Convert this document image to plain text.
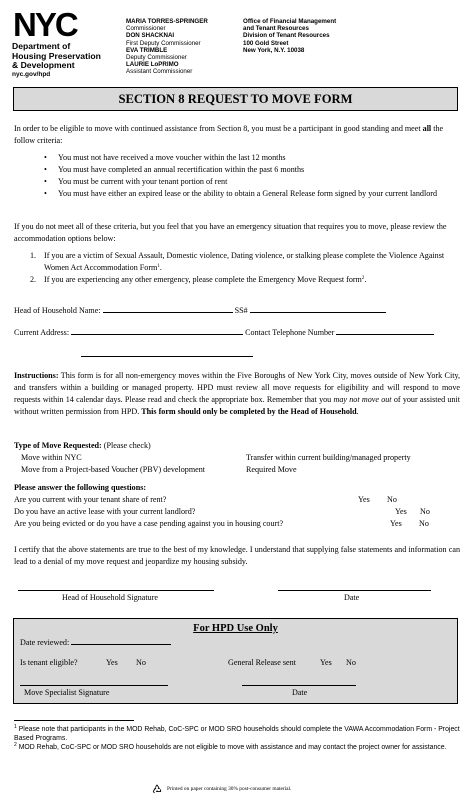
NYC
Department of
Housing Preservation
& Development
nyc.gov/hpd
MARIA TORRES-SPRINGER
Commissioner
DON SHACKNAI
First Deputy Commissioner
EVA TRIMBLE
Deputy Commissioner
LAURIE LoPRIMO
Assistant Commissioner
Office of Financial Management
and Tenant Resources
Division of Tenant Resources
100 Gold Street
New York, N.Y. 10038
SECTION 8 REQUEST TO MOVE FORM
In order to be eligible to move with continued assistance from Section 8, you must be a participant in good standing and meet all the follow criteria:
• You must not have received a move voucher within the last 12 months
• You must have completed an annual recertification within the past 6 months
• You must be current with your tenant portion of rent
• You must have either an expired lease or the ability to obtain a General Release form signed by your current landlord
If you do not meet all of these criteria, but you feel that you have an emergency situation that requires you to move, please review the accommodation options below:
1. If you are a victim of Sexual Assault, Domestic violence, Dating violence, or stalking please complete the Violence Against Women Act Accommodation Form$^1$.
2. If you are experiencing any other emergency, please complete the Emergency Move Request form$^2$.
Head of Household Name:	SS#
Current Address:	Contact Telephone Number
Instructions: This form is for all non-emergency moves within the Five Boroughs of New York City, moves outside of New York City, and transfers within a building or managed property. HPD must review all move requests for eligibility and will respond to move requests within 14 calendar days. Please read and check the appropriate box. Remember that you may not move out of your assisted unit without written permission from HPD. This form should only be completed by the Head of Household.
Type of Move Requested: (Please check)
Move within NYC	Transfer within current building/managed property
Move from a Project-based Voucher (PBV) development	Required Move
Please answer the following questions:
Are you current with your tenant share of rent?	Yes No
Do you have an active lease with your current landlord?	Yes No
Are you being evicted or do you have a case pending against you in housing court?	Yes No
I certify that the above statements are true to the best of my knowledge. I understand that supplying false statements and information can lead to a denial of my move request and jeopardize my housing subsidy.
Head of Household Signature	Date
For HPD Use Only
Date reviewed:
Is tenant eligible?	Yes No	General Release sent	Yes No
Move Specialist Signature	Date
$^1$ Please note that participants in the MOD Rehab, CoC-SPC or MOD SRO households should complete the VAWA Accommodation Form - Project Based Programs.
$^2$ MOD Rehab, CoC-SPC or MOD SRO households are not eligible to move with assistance and may contact the project owner for assistance.
Printed on paper containing 30% post-consumer material.
